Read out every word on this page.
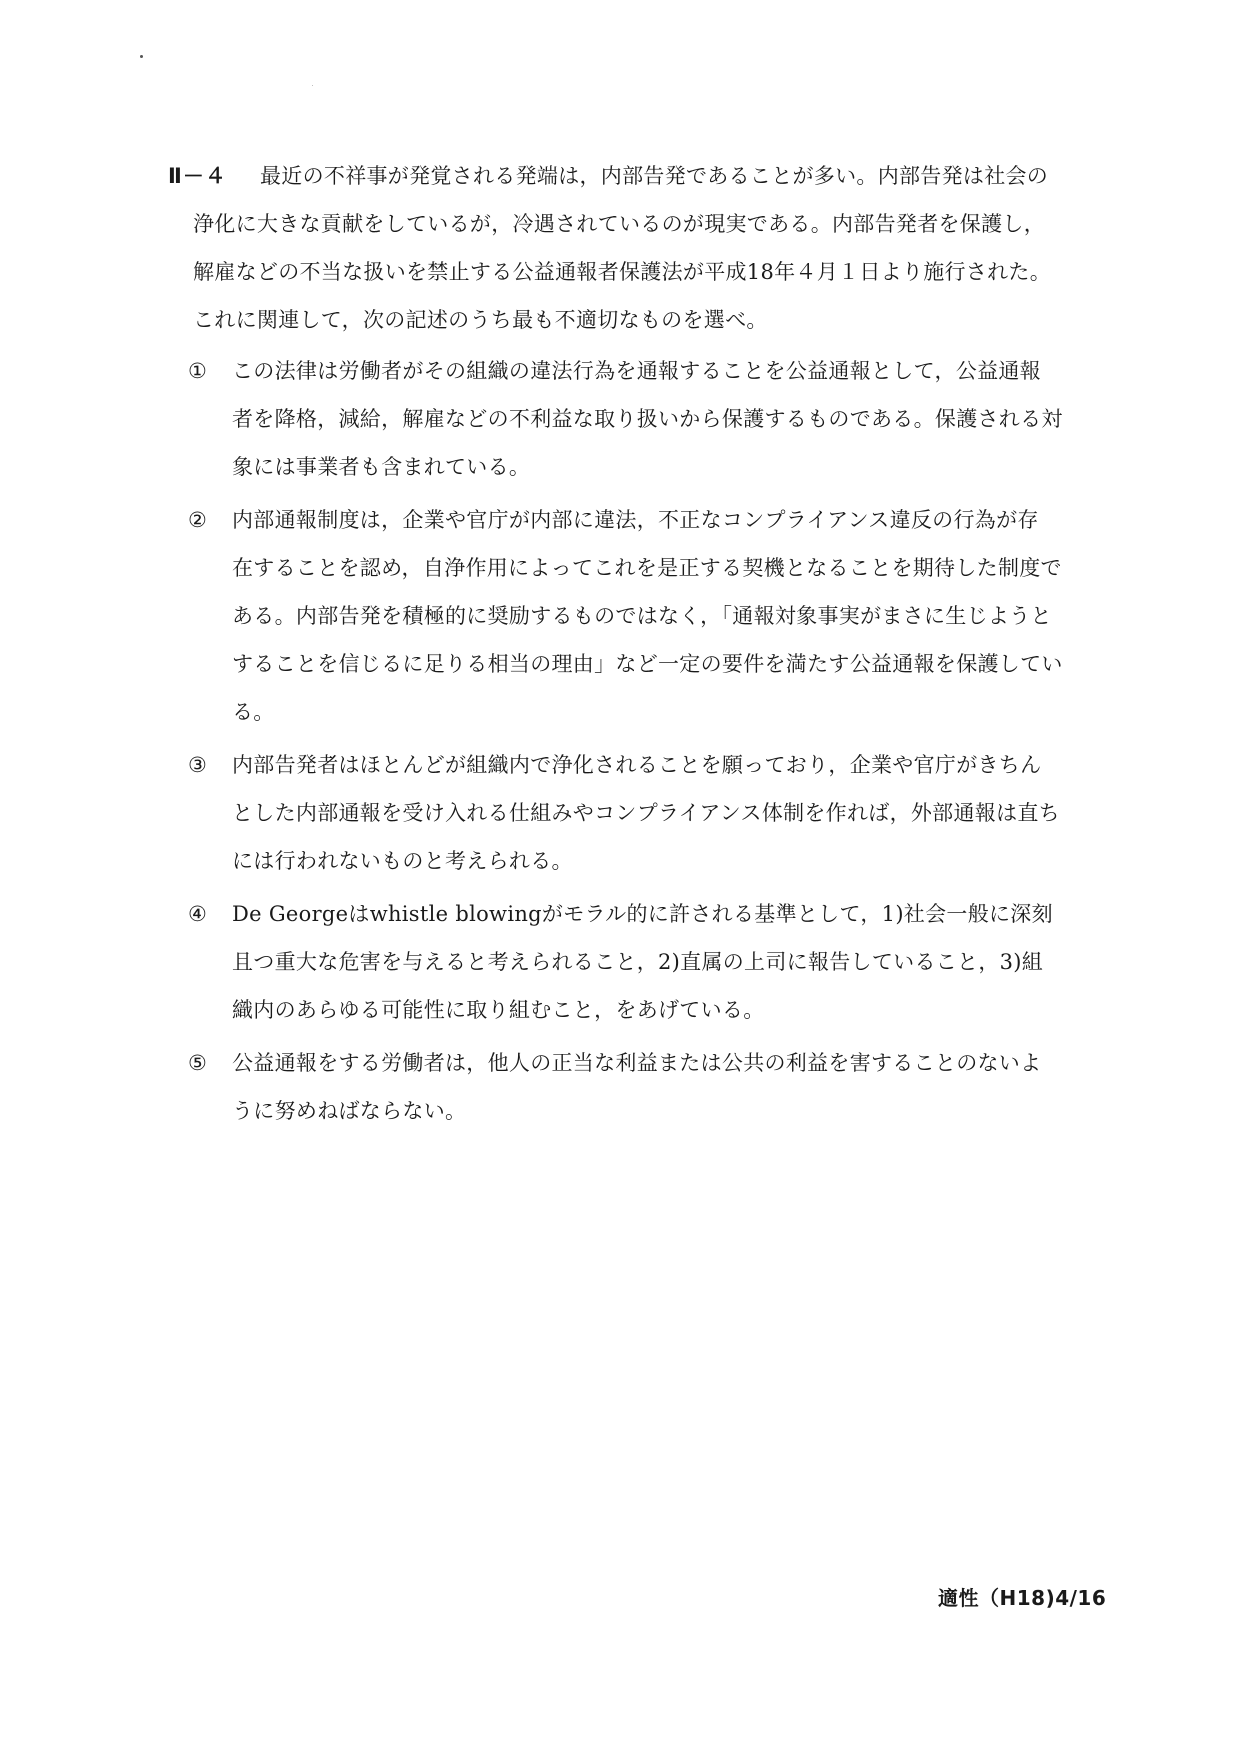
Ⅱ－４	最近の不祥事が発覚される発端は，内部告発であることが多い。内部告発は社会の
浄化に大きな貢献をしているが，冷遇されているのが現実である。内部告発者を保護し，
解雇などの不当な扱いを禁止する公益通報者保護法が平成18年４月１日より施行された。
これに関連して，次の記述のうち最も不適切なものを選べ。
①	この法律は労働者がその組織の違法行為を通報することを公益通報として，公益通報
者を降格，減給，解雇などの不利益な取り扱いから保護するものである。保護される対
象には事業者も含まれている。
②	内部通報制度は，企業や官庁が内部に違法，不正なコンプライアンス違反の行為が存
在することを認め，自浄作用によってこれを是正する契機となることを期待した制度で
ある。内部告発を積極的に奨励するものではなく，「通報対象事実がまさに生じようと
することを信じるに足りる相当の理由」など一定の要件を満たす公益通報を保護してい
る。
③	内部告発者はほとんどが組織内で浄化されることを願っており，企業や官庁がきちん
とした内部通報を受け入れる仕組みやコンプライアンス体制を作れば，外部通報は直ち
には行われないものと考えられる。
④	De Georgeはwhistle blowingがモラル的に許される基準として，1)社会一般に深刻
且つ重大な危害を与えると考えられること，2)直属の上司に報告していること，3)組
織内のあらゆる可能性に取り組むこと，をあげている。
⑤	公益通報をする労働者は，他人の正当な利益または公共の利益を害することのないよ
うに努めねばならない。
適性（H18)4/16
